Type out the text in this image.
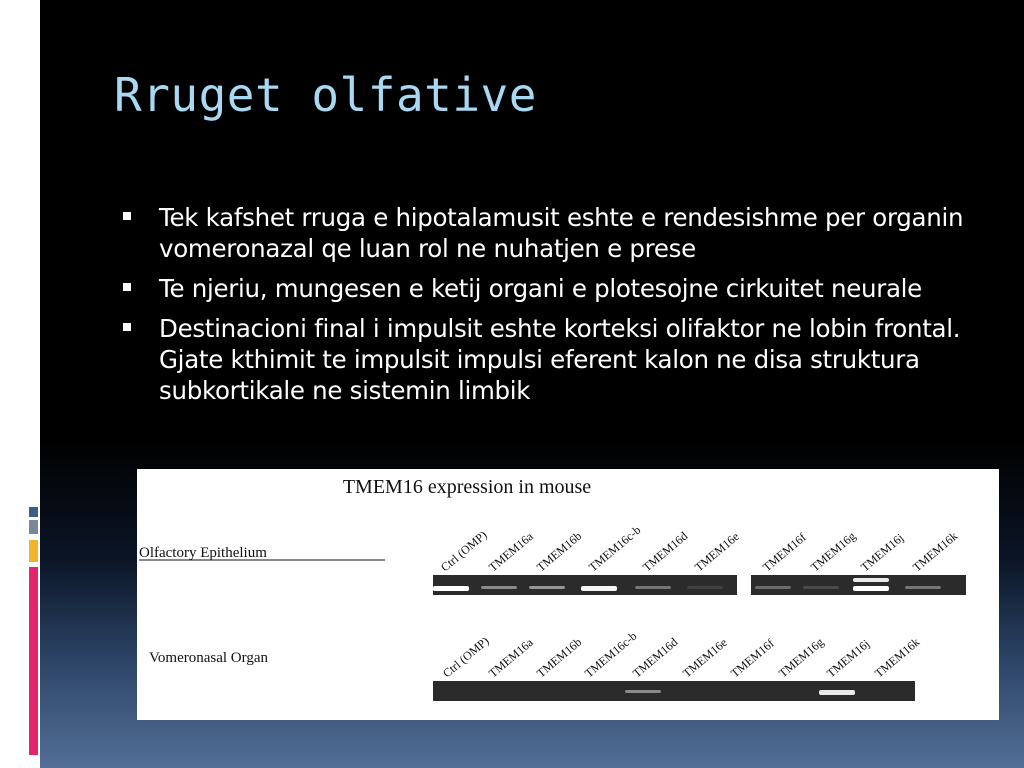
Rruget olfative
Tek kafshet rruga e hipotalamusit eshte e rendesishme per organin vomeronazal qe luan rol ne nuhatjen e prese
Te njeriu, mungesen e ketij organi e plotesojne cirkuitet neurale
Destinacioni final i impulsit eshte korteksi olifaktor ne lobin frontal. Gjate kthimit te impulsit impulsi eferent kalon ne disa struktura subkortikale ne sistemin limbik
TMEM16 expression in mouse
Olfactory Epithelium
Vomeronasal Organ
Ctrl (OMP)
TMEM16a
TMEM16b TMEM16c-b
TMEM16d TMEM16e TMEM16f TMEM16g TMEM16j TMEM16k
Ctrl (OMP)
TMEM16a
TMEM16b
TMEM16c-b
TMEM16d TMEM16e
TMEM16f TMEM16g
TMEM16j TMEM16k
